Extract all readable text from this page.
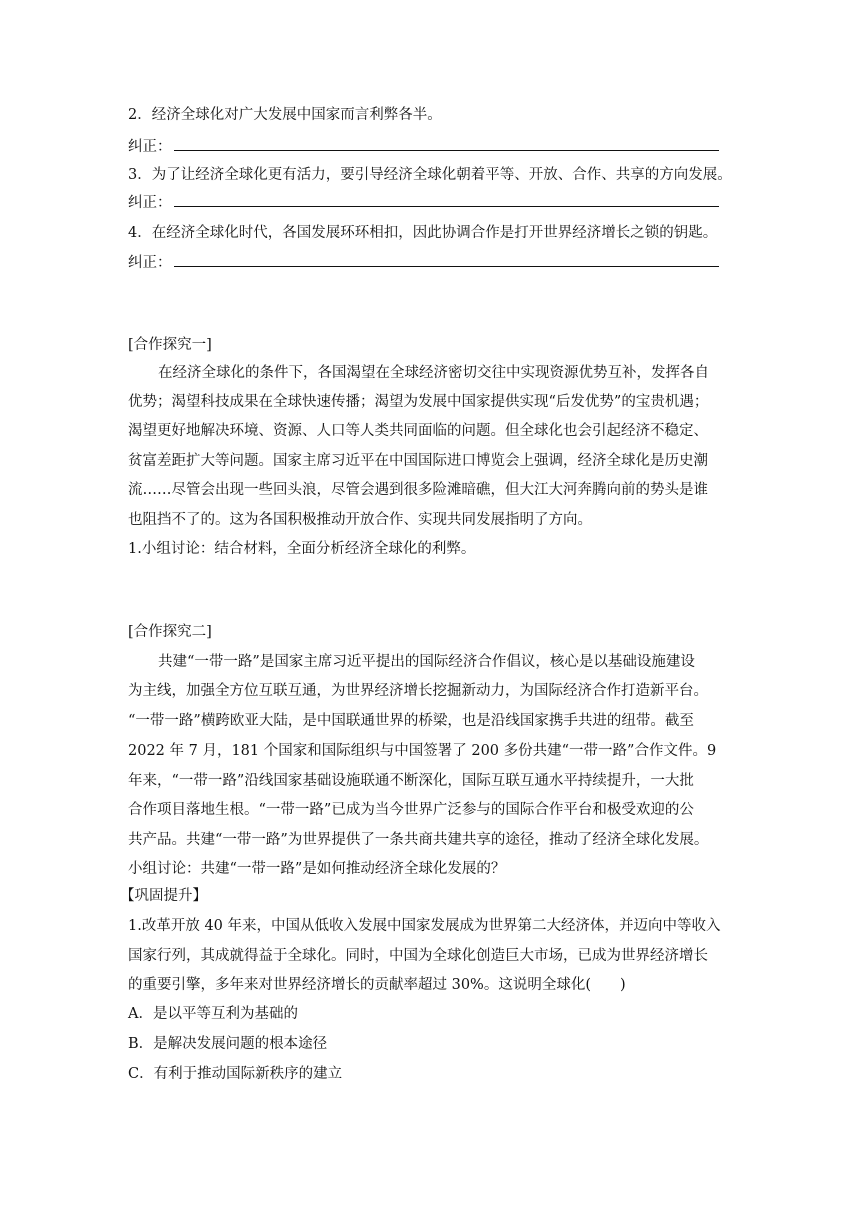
2．经济全球化对广大发展中国家而言利弊各半。
纠正：
3．为了让经济全球化更有活力，要引导经济全球化朝着平等、开放、合作、共享的方向发展。
纠正：
4．在经济全球化时代，各国发展环环相扣，因此协调合作是打开世界经济增长之锁的钥匙。
纠正：
[合作探究一]
在经济全球化的条件下，各国渴望在全球经济密切交往中实现资源优势互补，发挥各自
优势；渴望科技成果在全球快速传播；渴望为发展中国家提供实现“后发优势”的宝贵机遇；
渴望更好地解决环境、资源、人口等人类共同面临的问题。但全球化也会引起经济不稳定、
贫富差距扩大等问题。国家主席习近平在中国国际进口博览会上强调，经济全球化是历史潮
流……尽管会出现一些回头浪，尽管会遇到很多险滩暗礁，但大江大河奔腾向前的势头是谁
也阻挡不了的。这为各国积极推动开放合作、实现共同发展指明了方向。
1.小组讨论：结合材料，全面分析经济全球化的利弊。
[合作探究二]
共建“一带一路”是国家主席习近平提出的国际经济合作倡议，核心是以基础设施建设
为主线，加强全方位互联互通，为世界经济增长挖掘新动力，为国际经济合作打造新平台。
“一带一路”横跨欧亚大陆，是中国联通世界的桥梁，也是沿线国家携手共进的纽带。截至
2022 年 7 月，181 个国家和国际组织与中国签署了 200 多份共建“一带一路”合作文件。9
年来，“一带一路”沿线国家基础设施联通不断深化，国际互联互通水平持续提升，一大批
合作项目落地生根。“一带一路”已成为当今世界广泛参与的国际合作平台和极受欢迎的公
共产品。共建“一带一路”为世界提供了一条共商共建共享的途径，推动了经济全球化发展。
小组讨论：共建“一带一路”是如何推动经济全球化发展的？
【巩固提升】
1.改革开放 40 年来，中国从低收入发展中国家发展成为世界第二大经济体，并迈向中等收入
国家行列，其成就得益于全球化。同时，中国为全球化创造巨大市场，已成为世界经济增长
的重要引擎，多年来对世界经济增长的贡献率超过 30%。这说明全球化(　　)
A．是以平等互利为基础的
B．是解决发展问题的根本途径
C．有利于推动国际新秩序的建立
